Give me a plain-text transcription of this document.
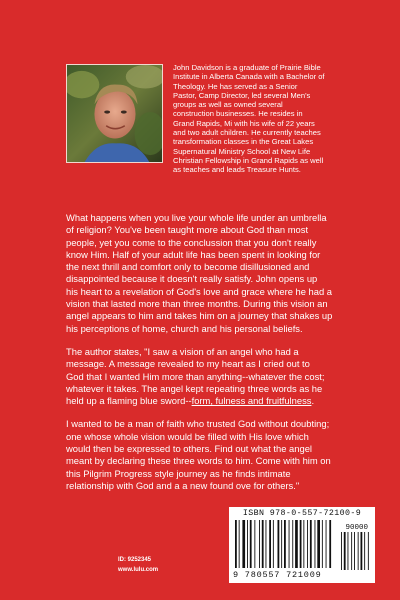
John Davidson is a graduate of Prairie Bible
Institute in Alberta Canada with a Bachelor of
Theology. He has served as a Senior
Pastor, Camp Director, led several Men's
groups as well as owned several
construction businesses. He resides in
Grand Rapids, Mi with his wife of 22 years
and two adult children. He currently teaches
transformation classes in the Great Lakes
Supernatural Ministry School at New Life
Christian Fellowship in Grand Rapids as well
as teaches and leads Treasure Hunts.

What happens when you live your whole life under an umbrella
of religion? You've been taught more about God than most
people, yet you come to the conclussion that you don't really
know Him. Half of your adult life has been spent in looking for
the next thrill and comfort only to become disillusioned and
disappointed because it doesn't really satisfy. John opens up
his heart to a revelation of God's love and grace where he had a
vision that lasted more than three months. During this vision an
angel appears to him and takes him on a journey that shakes up
his perceptions of home, church and his personal beliefs.

The author states, "I saw a vision of an angel who had a
message. A message revealed to my heart as I cried out to
God that I wanted Him more than anything--whatever the cost;
whatever it takes. The angel kept repeating three words as he
held up a flaming blue sword--form, fulness and fruitfulness.

I wanted to be a man of faith who trusted God without doubting;
one whose whole vision would be filled with His love which
would then be expressed to others. Find out what the angel
meant by declaring these three words to him. Come with him on
this Pilgrim Progress style journey as he finds intimate
relationship with God and a a new found ove for others."

ID: 9252345
www.lulu.com
ISBN 978-0-557-72100-9
90000
9 780557 721009
